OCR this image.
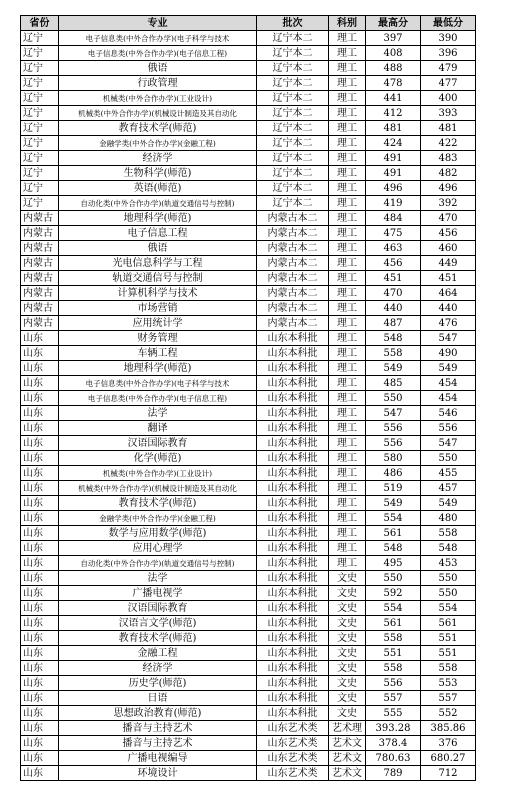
省份	专业	批次	科别	最高分	最低分
辽宁	电子信息类(中外合作办学)(电子科学与技术	辽宁本二	理工	397	390
辽宁	电子信息类(中外合作办学)(电子信息工程)	辽宁本二	理工	408	396
辽宁	俄语	辽宁本二	理工	488	479
辽宁	行政管理	辽宁本二	理工	478	477
辽宁	机械类(中外合作办学)(工业设计)	辽宁本二	理工	441	400
辽宁	机械类(中外合作办学)(机械设计制造及其自动化	辽宁本二	理工	412	393
辽宁	教育技术学(师范)	辽宁本二	理工	481	481
辽宁	金融学类(中外合作办学)(金融工程)	辽宁本二	理工	424	422
辽宁	经济学	辽宁本二	理工	491	483
辽宁	生物科学(师范)	辽宁本二	理工	491	482
辽宁	英语(师范)	辽宁本二	理工	496	496
辽宁	自动化类(中外合作办学)(轨道交通信号与控制)	辽宁本二	理工	419	392
内蒙古	地理科学(师范)	内蒙古本二	理工	484	470
内蒙古	电子信息工程	内蒙古本二	理工	475	456
内蒙古	俄语	内蒙古本二	理工	463	460
内蒙古	光电信息科学与工程	内蒙古本二	理工	456	449
内蒙古	轨道交通信号与控制	内蒙古本二	理工	451	451
内蒙古	计算机科学与技术	内蒙古本二	理工	470	464
内蒙古	市场营销	内蒙古本二	理工	440	440
内蒙古	应用统计学	内蒙古本二	理工	487	476
山东	财务管理	山东本科批	理工	548	547
山东	车辆工程	山东本科批	理工	558	490
山东	地理科学(师范)	山东本科批	理工	549	549
山东	电子信息类(中外合作办学)(电子科学与技术	山东本科批	理工	485	454
山东	电子信息类(中外合作办学)(电子信息工程)	山东本科批	理工	550	454
山东	法学	山东本科批	理工	547	546
山东	翻译	山东本科批	理工	556	556
山东	汉语国际教育	山东本科批	理工	556	547
山东	化学(师范)	山东本科批	理工	580	550
山东	机械类(中外合作办学)(工业设计)	山东本科批	理工	486	455
山东	机械类(中外合作办学)(机械设计制造及其自动化	山东本科批	理工	519	457
山东	教育技术学(师范)	山东本科批	理工	549	549
山东	金融学类(中外合作办学)(金融工程)	山东本科批	理工	554	480
山东	数学与应用数学(师范)	山东本科批	理工	561	558
山东	应用心理学	山东本科批	理工	548	548
山东	自动化类(中外合作办学)(轨道交通信号与控制)	山东本科批	理工	495	453
山东	法学	山东本科批	文史	550	550
山东	广播电视学	山东本科批	文史	592	550
山东	汉语国际教育	山东本科批	文史	554	554
山东	汉语言文学(师范)	山东本科批	文史	561	561
山东	教育技术学(师范)	山东本科批	文史	558	551
山东	金融工程	山东本科批	文史	551	551
山东	经济学	山东本科批	文史	558	558
山东	历史学(师范)	山东本科批	文史	556	553
山东	日语	山东本科批	文史	557	557
山东	思想政治教育(师范)	山东本科批	文史	555	552
山东	播音与主持艺术	山东艺术类	艺术理	393.28	385.86
山东	播音与主持艺术	山东艺术类	艺术文	378.4	376
山东	广播电视编导	山东艺术类	艺术文	780.63	680.27
山东	环境设计	山东艺术类	艺术文	789	712
